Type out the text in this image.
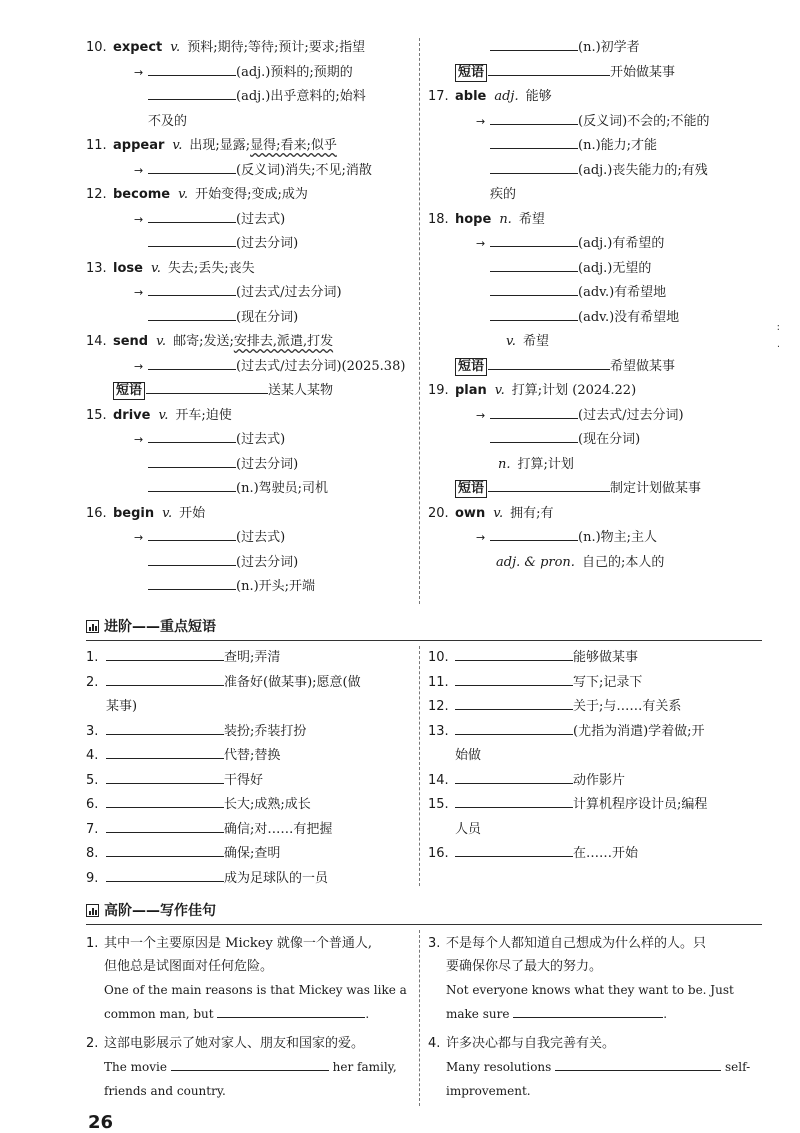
10. expect v. 预料;期待;等待;预计;要求;指望
→	(adj.)预料的;预期的
(adj.)出乎意料的;始料
不及的
11. appear v. 出现;显露;显得;看来;似乎
→	(反义词)消失;不见;消散
12. become v. 开始变得;变成;成为
→	(过去式)
(过去分词)
13. lose v. 失去;丢失;丧失
→	(过去式/过去分词)
(现在分词)
14. send v. 邮寄;发送;安排去,派遣,打发
→	(过去式/过去分词)(2025.38)
短语	送某人某物
15. drive v. 开车;迫使
→	(过去式)
(过去分词)
(n.)驾驶员;司机
16. begin v. 开始
→	(过去式)
(过去分词)
(n.)开头;开端
(n.)初学者
短语	开始做某事
17. able adj. 能够
→	(反义词)不会的;不能的
(n.)能力;才能
(adj.)丧失能力的;有残
疾的
18. hope n. 希望
→	(adj.)有希望的
(adj.)无望的
(adv.)有希望地
(adv.)没有希望地
v. 希望
短语	希望做某事
19. plan v. 打算;计划 (2024.22)
→	(过去式/过去分词)
(现在分词)
n. 打算;计划
短语	制定计划做某事
20. own v. 拥有;有
→	(n.)物主;主人
adj. & pron. 自己的;本人的
:
·
进阶——重点短语
1.	查明;弄清
2.	准备好(做某事);愿意(做
某事)
3.	装扮;乔装打扮
4.	代替;替换
5.	干得好
6.	长大;成熟;成长
7.	确信;对……有把握
8.	确保;查明
9.	成为足球队的一员
10.	能够做某事
11.	写下;记录下
12.	关于;与……有关系
13.	(尤指为消遣)学着做;开
始做
14.	动作影片
15.	计算机程序设计员;编程
人员
16.	在……开始
高阶——写作佳句
1. 其中一个主要原因是 Mickey 就像一个普通人,
但他总是试图面对任何危险。
One of the main reasons is that Mickey was like a
common man, but	.
3. 不是每个人都知道自己想成为什么样的人。只
要确保你尽了最大的努力。
Not everyone knows what they want to be. Just
make sure	.
2. 这部电影展示了她对家人、朋友和国家的爱。
The movie	her family,
friends and country.
4. 许多决心都与自我完善有关。
Many resolutions	self-
improvement.
26
